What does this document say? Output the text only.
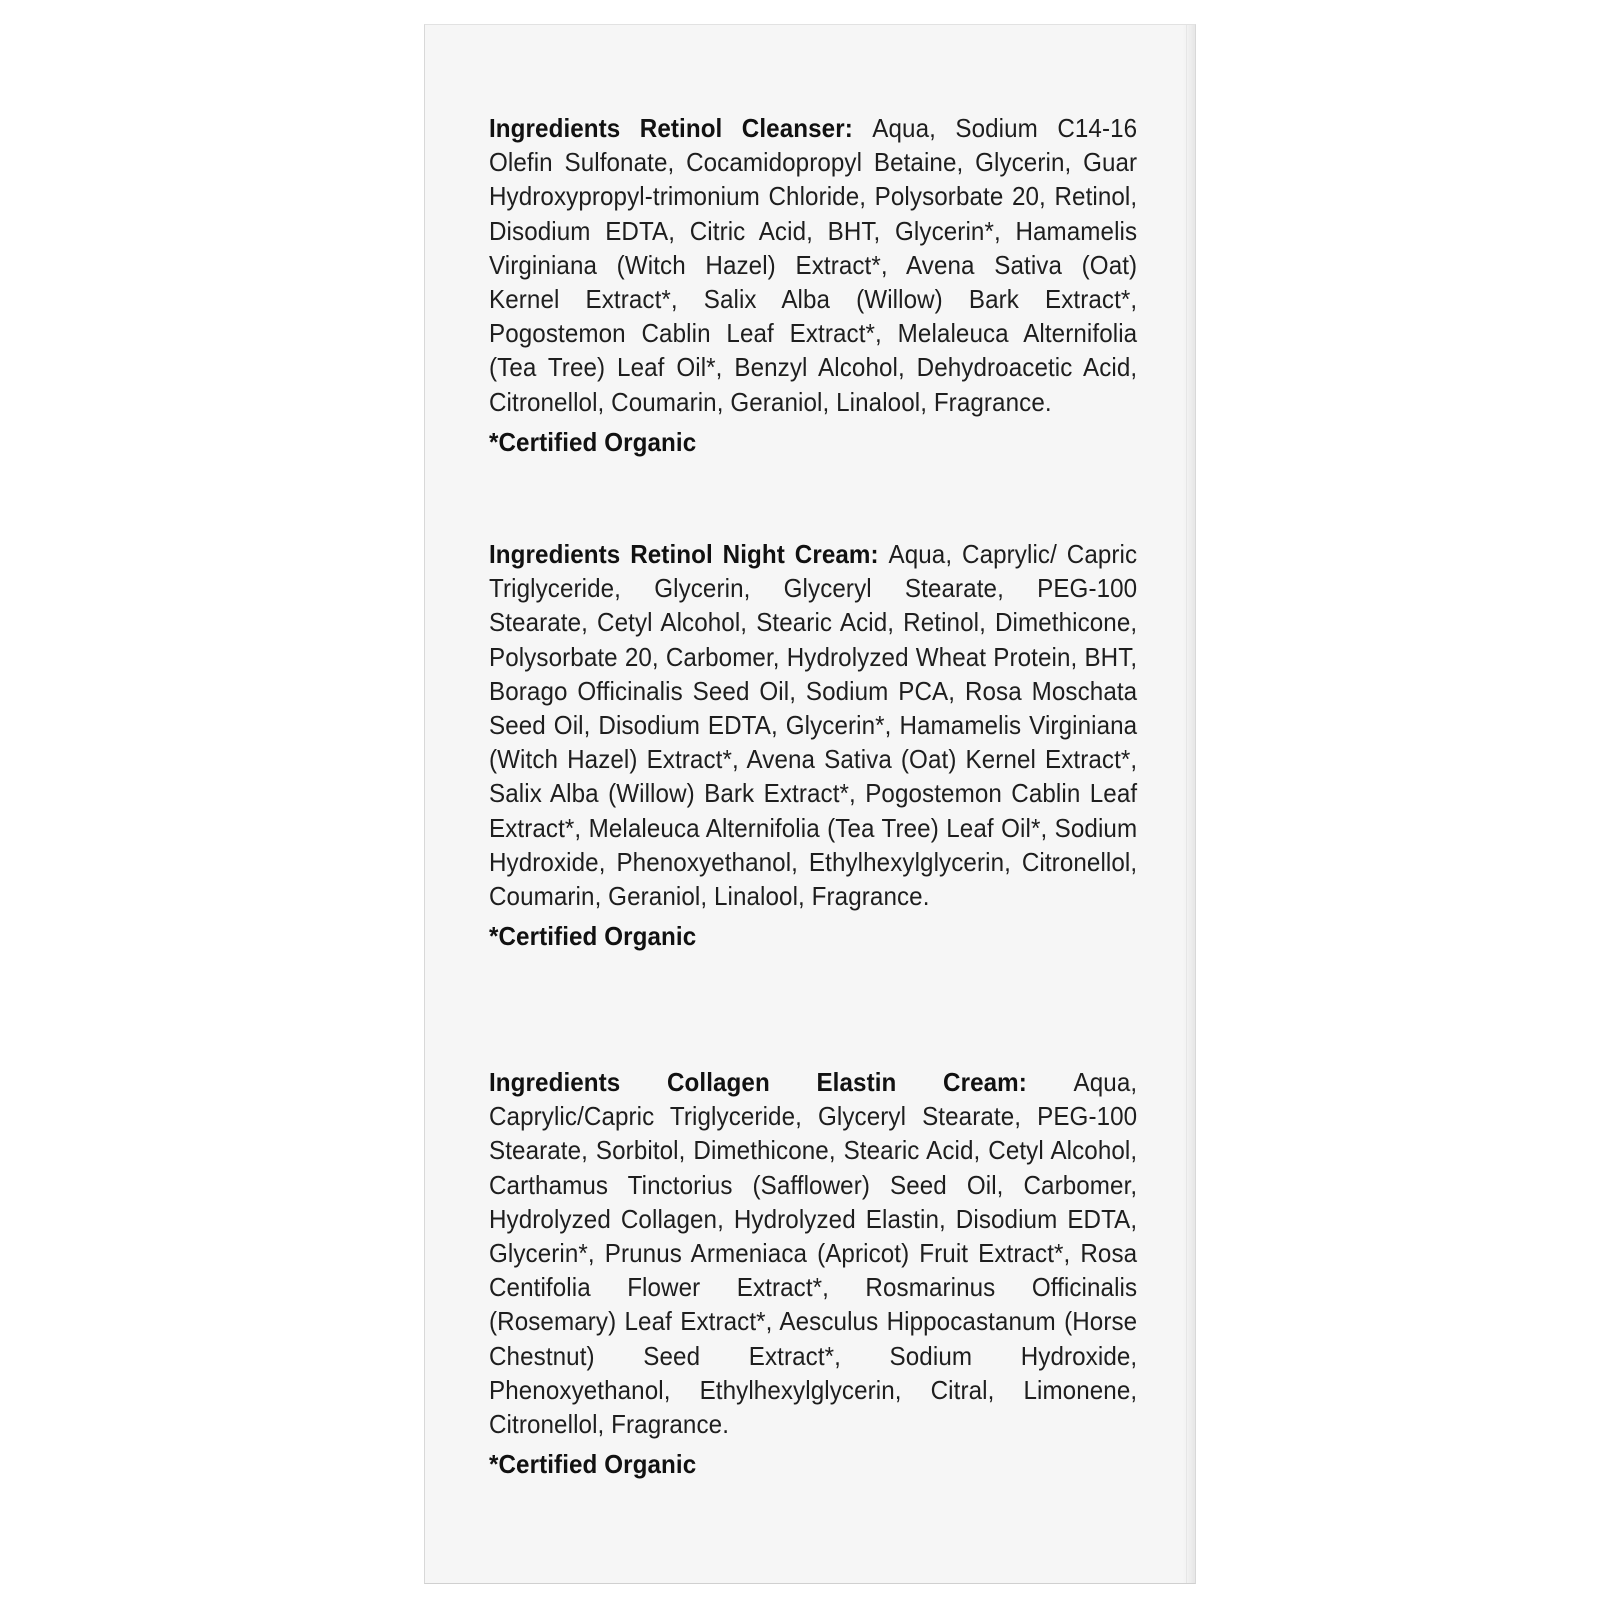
Ingredients Retinol Cleanser: Aqua, Sodium C14-16 Olefin Sulfonate, Cocamidopropyl Betaine, Glycerin, Guar Hydroxypropyl-trimonium Chloride, Polysorbate 20, Retinol, Disodium EDTA, Citric Acid, BHT, Glycerin*, Hamamelis Virginiana (Witch Hazel) Extract*, Avena Sativa (Oat) Kernel Extract*, Salix Alba (Willow) Bark Extract*, Pogostemon Cablin Leaf Extract*, Melaleuca Alternifolia (Tea Tree) Leaf Oil*, Benzyl Alcohol, Dehydroacetic Acid, Citronellol, Coumarin, Geraniol, Linalool, Fragrance.
*Certified Organic
Ingredients Retinol Night Cream: Aqua, Caprylic/ Capric Triglyceride, Glycerin, Glyceryl Stearate, PEG-100 Stearate, Cetyl Alcohol, Stearic Acid, Retinol, Dimethicone, Polysorbate 20, Carbomer, Hydrolyzed Wheat Protein, BHT, Borago Officinalis Seed Oil, Sodium PCA, Rosa Moschata Seed Oil, Disodium EDTA, Glycerin*, Hamamelis Virginiana (Witch Hazel) Extract*, Avena Sativa (Oat) Kernel Extract*, Salix Alba (Willow) Bark Extract*, Pogostemon Cablin Leaf Extract*, Melaleuca Alternifolia (Tea Tree) Leaf Oil*, Sodium Hydroxide, Phenoxyethanol, Ethylhexylglycerin, Citronellol, Coumarin, Geraniol, Linalool, Fragrance.
*Certified Organic
Ingredients Collagen Elastin Cream: Aqua, Caprylic/Capric Triglyceride, Glyceryl Stearate, PEG-100 Stearate, Sorbitol, Dimethicone, Stearic Acid, Cetyl Alcohol, Carthamus Tinctorius (Safflower) Seed Oil, Carbomer, Hydrolyzed Collagen, Hydrolyzed Elastin, Disodium EDTA, Glycerin*, Prunus Armeniaca (Apricot) Fruit Extract*, Rosa Centifolia Flower Extract*, Rosmarinus Officinalis (Rosemary) Leaf Extract*, Aesculus Hippocastanum (Horse Chestnut) Seed Extract*, Sodium Hydroxide, Phenoxyethanol, Ethylhexylglycerin, Citral, Limonene, Citronellol, Fragrance.
*Certified Organic
